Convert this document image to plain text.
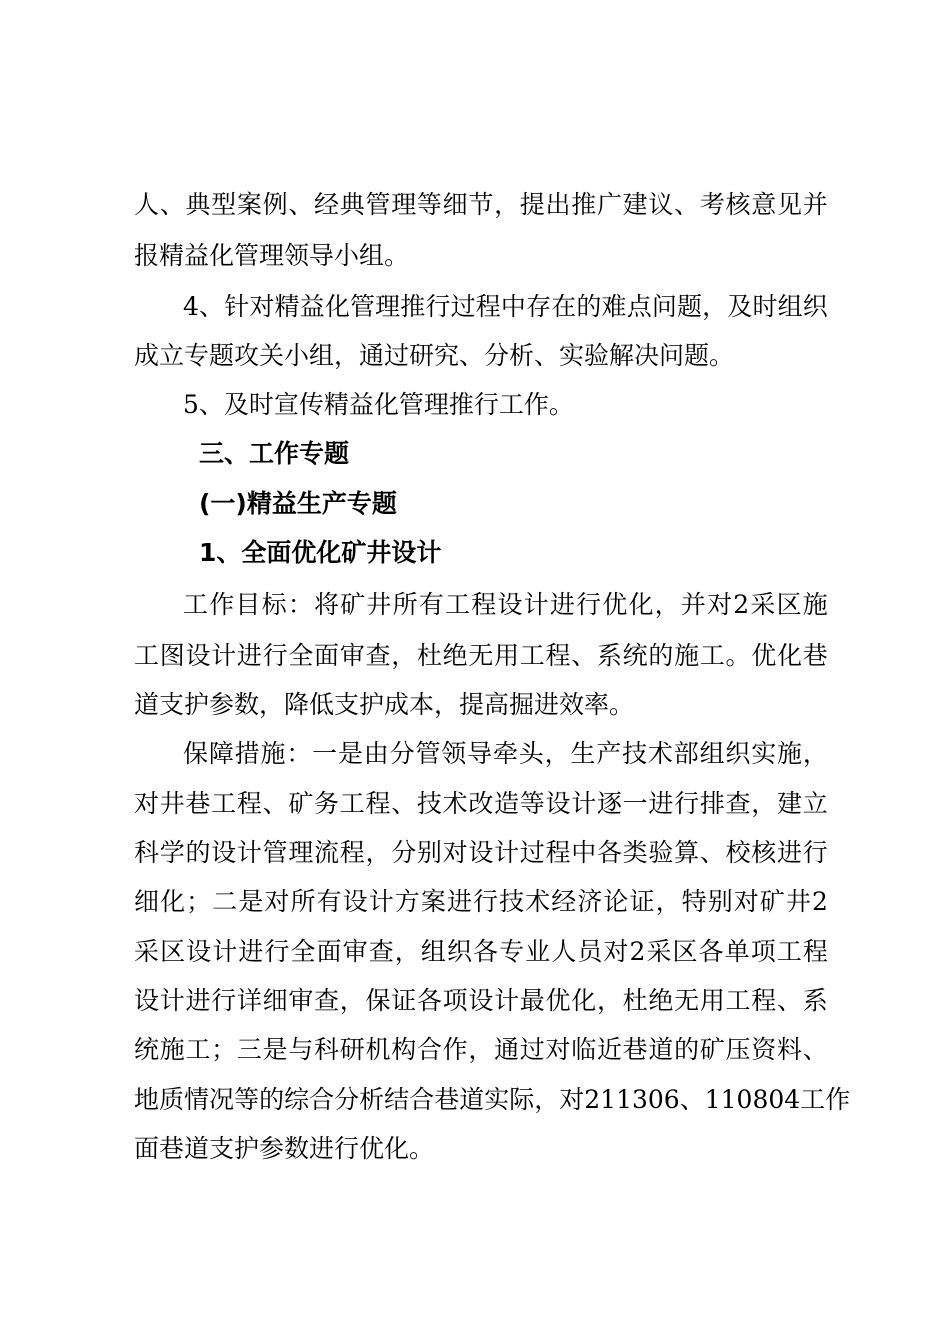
人 、 典 型 案 例 、 经 典 管 理 等 细 节 ， 提 出 推 广 建 议 、 考 核 意 见 并
报精益化管理领导小组。
4 、 针 对 精 益 化 管 理 推 行 过 程 中 存 在 的 难 点 问 题 ， 及 时 组 织
成立专题攻关小组，通过研究、分析、实验解决问题。
5、及时宣传精益化管理推行工作。
三、工作专题
(一)精益生产专题
1、全面优化矿井设计
工 作 目 标 ： 将 矿 井 所 有 工 程 设 计 进 行 优 化 ， 并 对 2 采 区 施
工 图 设 计 进 行 全 面 审 查 ， 杜 绝 无 用 工 程 、 系 统 的 施 工 。 优 化 巷
道支护参数，降低支护成本，提高掘进效率。
保 障 措 施 ： 一 是 由 分 管 领 导 牵 头 ， 生 产 技 术 部 组 织 实 施 ，
对 井 巷 工 程 、 矿 务 工 程 、 技 术 改 造 等 设 计 逐 一 进 行 排 查 ， 建 立
科 学 的 设 计 管 理 流 程 ， 分 别 对 设 计 过 程 中 各 类 验 算 、 校 核 进 行
细 化 ； 二 是 对 所 有 设 计 方 案 进 行 技 术 经 济 论 证 ， 特 别 对 矿 井 2
采 区 设 计 进 行 全 面 审 查 ， 组 织 各 专 业 人 员 对 2 采 区 各 单 项 工 程
设 计 进 行 详 细 审 查 ， 保 证 各 项 设 计 最 优 化 ， 杜 绝 无 用 工 程 、 系
统 施 工 ； 三 是 与 科 研 机 构 合 作 ， 通 过 对 临 近 巷 道 的 矿 压 资 料 、
地 质 情 况 等 的 综 合 分 析 结 合 巷 道 实 际 ， 对 211306 、 110804 工 作
面巷道支护参数进行优化。
